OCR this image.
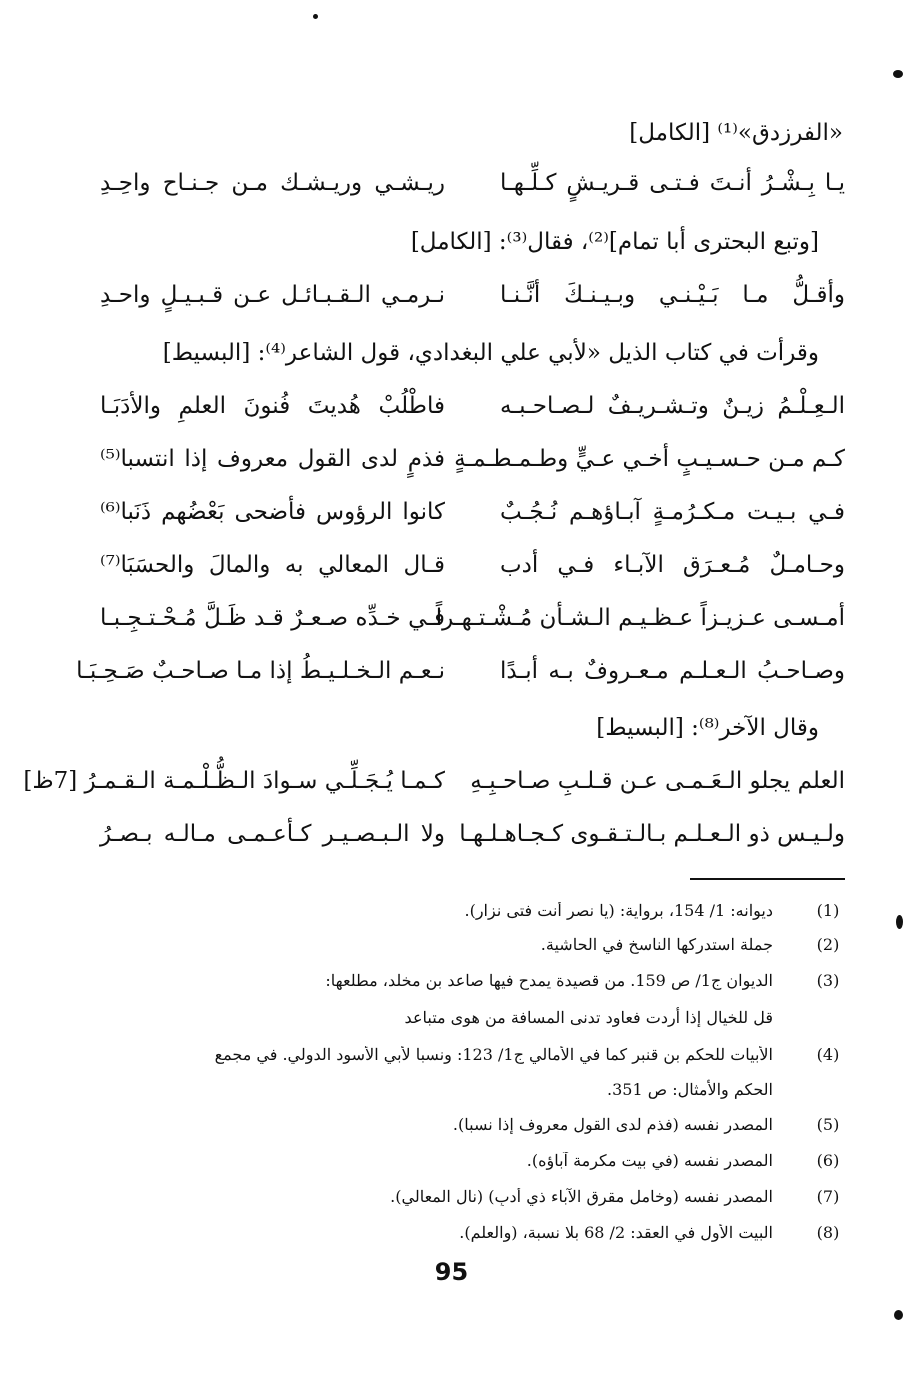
«الفرزدق»⁽¹⁾ [الكامل]
يـا بِـشْـرُ أنـتَ فـتـى قـريـشٍ كـلِّـهـا
ريـشـي وريـشـك مـن جـنـاح واحِـدِ
[وتبع البحترى أبا تمام]⁽²⁾، فقال⁽³⁾: [الكامل]
وأقـلُّ مـا بَـيْـنـي وبـيـنـكَ أنَّـنـا
نـرمـي الـقـبـائـل عـن قـبـيـلٍ واحـدِ
وقرأت في كتاب الذيل «لأبي علي البغدادي، قول الشاعر⁽⁴⁾: [البسيط]
الـعِـلْـمُ زيـنٌ وتـشـريـفٌ لـصـاحـبـه
فاطْلُبْ هُديتَ فُنونَ العلمِ والأدَبَـا
كـم مـن حـسـيـبٍ أخـي عـيٍّ وطـمـطـمـةٍ
فذمٍ لدى القول معروف إذا انتسبا⁽⁵⁾
فـي بـيـت مـكـرُمـةٍ آبـاؤهـم نُـجُـبٌ
كانوا الرؤوس فأضحى بَعْضُهم ذَنَبا⁽⁶⁾
وحـامـلٌ مُـعـرَق الآبـاء فـي أدب
قـال المعالي به والمالَ والحسَبَا⁽⁷⁾
أمـسـى عـزيـزاً عـظـيـم الـشـأن مُـشْـتـهـراً
فـي خـدِّه صـعـرٌ قـد ظَـلَّ مُـحْـتـجِـبـا
وصـاحـبُ الـعـلـم مـعـروفٌ بـه أبـدًا
نـعـم الـخـلـيـطُ إذا مـا صـاحـبٌ صَـحِـبَـا
وقال الآخر⁽⁸⁾: [البسيط]
العلم يجلو الـعَـمـى عـن قـلـبِ صـاحـبِـهِ
كـمـا يُـجَـلِّـي سـوادَ الـظُّـلْـمـة الـقـمـرُ [7ظ]
ولـيـس ذو الـعـلـم بـالـتـقـوى كـجـاهـلـهـا
ولا الـبـصـيـر كـأعـمـى مـالـه بـصـرُ
(1)
ديوانه: 1/ 154، برواية: (يا نصر أنت فتى نزار).
(2)
جملة استدركها الناسخ في الحاشية.
(3)
الديوان ج1/ ص 159. من قصيدة يمدح فيها صاعد بن مخلد، مطلعها:
قل للخيال إذا أردت فعاود تدنى المسافة من هوى متباعد
(4)
الأبيات للحكم بن قنبر كما في الأمالي ج1/ 123: ونسبا لأبي الأسود الدولي. في مجمع
الحكم والأمثال: ص 351.
(5)
المصدر نفسه (فذم لدى القول معروف إذا نسبا).
(6)
المصدر نفسه (في بيت مكرمة آباؤه).
(7)
المصدر نفسه (وخامل مقرق الآباء ذي أدبٍ) (نال المعالي).
(8)
البيت الأول في العقد: 2/ 68 بلا نسبة، (والعلم).
95
